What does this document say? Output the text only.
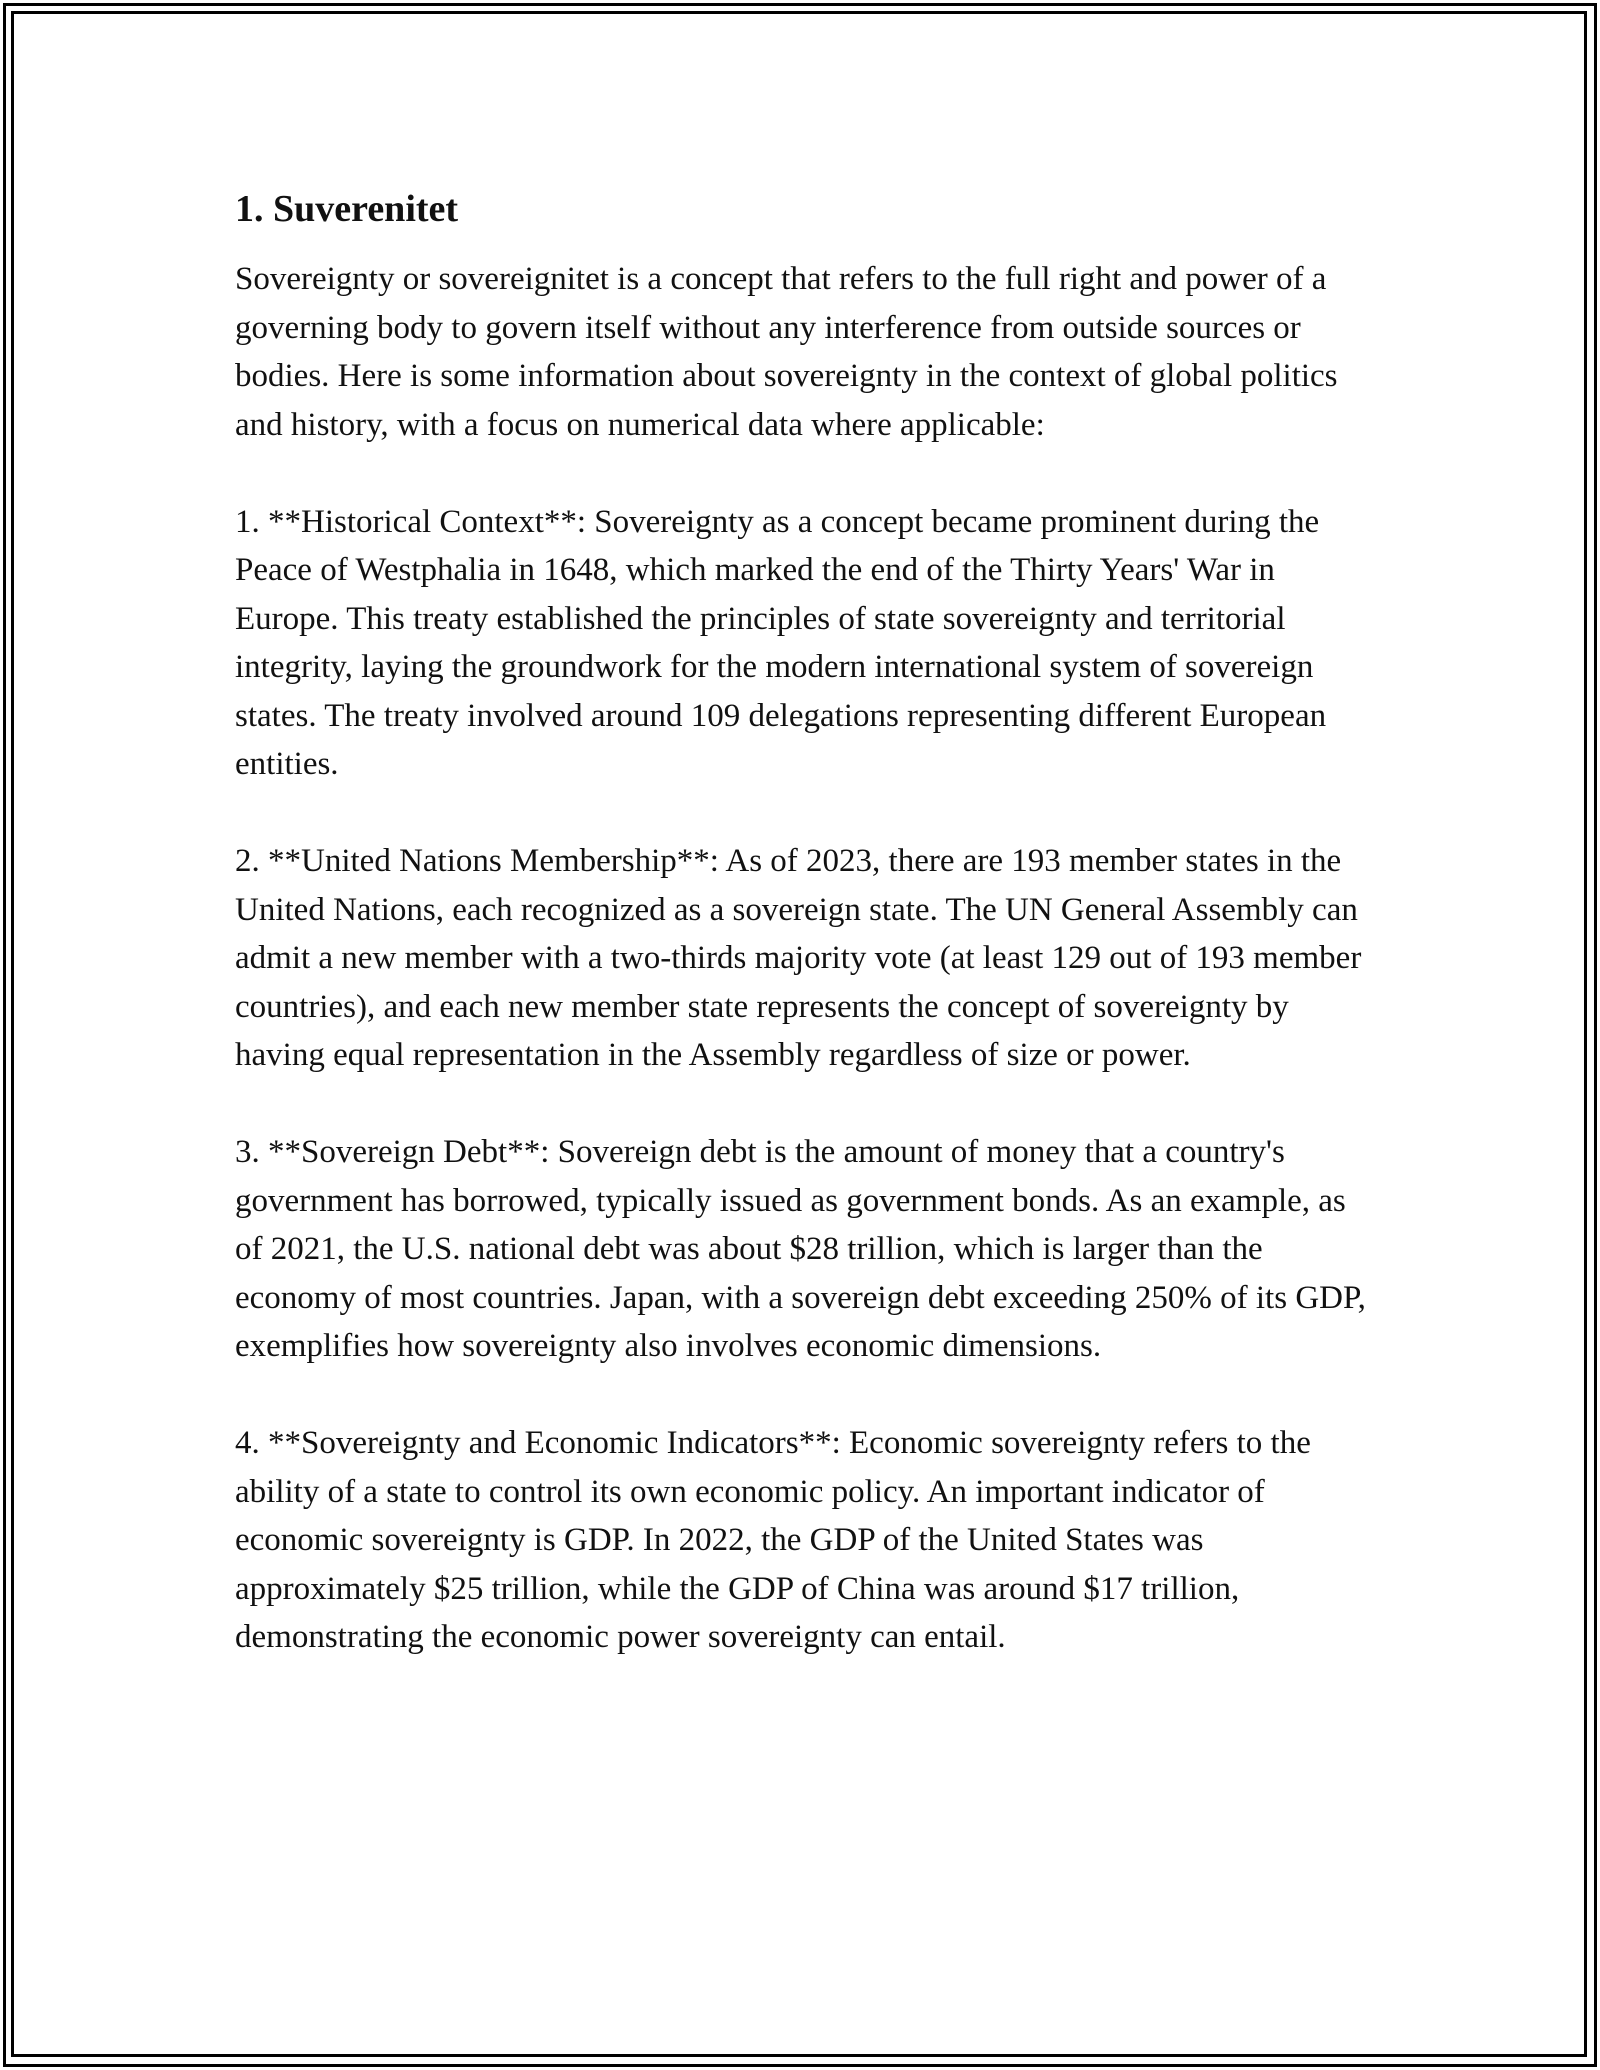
1. Suverenitet

Sovereignty or sovereignitet is a concept that refers to the full right and power of a governing body to govern itself without any interference from outside sources or bodies. Here is some information about sovereignty in the context of global politics and history, with a focus on numerical data where applicable:

1. **Historical Context**: Sovereignty as a concept became prominent during the Peace of Westphalia in 1648, which marked the end of the Thirty Years' War in Europe. This treaty established the principles of state sovereignty and territorial integrity, laying the groundwork for the modern international system of sovereign states. The treaty involved around 109 delegations representing different European entities.

2. **United Nations Membership**: As of 2023, there are 193 member states in the United Nations, each recognized as a sovereign state. The UN General Assembly can admit a new member with a two-thirds majority vote (at least 129 out of 193 member countries), and each new member state represents the concept of sovereignty by having equal representation in the Assembly regardless of size or power.

3. **Sovereign Debt**: Sovereign debt is the amount of money that a country's government has borrowed, typically issued as government bonds. As an example, as of 2021, the U.S. national debt was about $28 trillion, which is larger than the economy of most countries. Japan, with a sovereign debt exceeding 250% of its GDP, exemplifies how sovereignty also involves economic dimensions.

4. **Sovereignty and Economic Indicators**: Economic sovereignty refers to the ability of a state to control its own economic policy. An important indicator of economic sovereignty is GDP. In 2022, the GDP of the United States was approximately $25 trillion, while the GDP of China was around $17 trillion, demonstrating the economic power sovereignty can entail.
